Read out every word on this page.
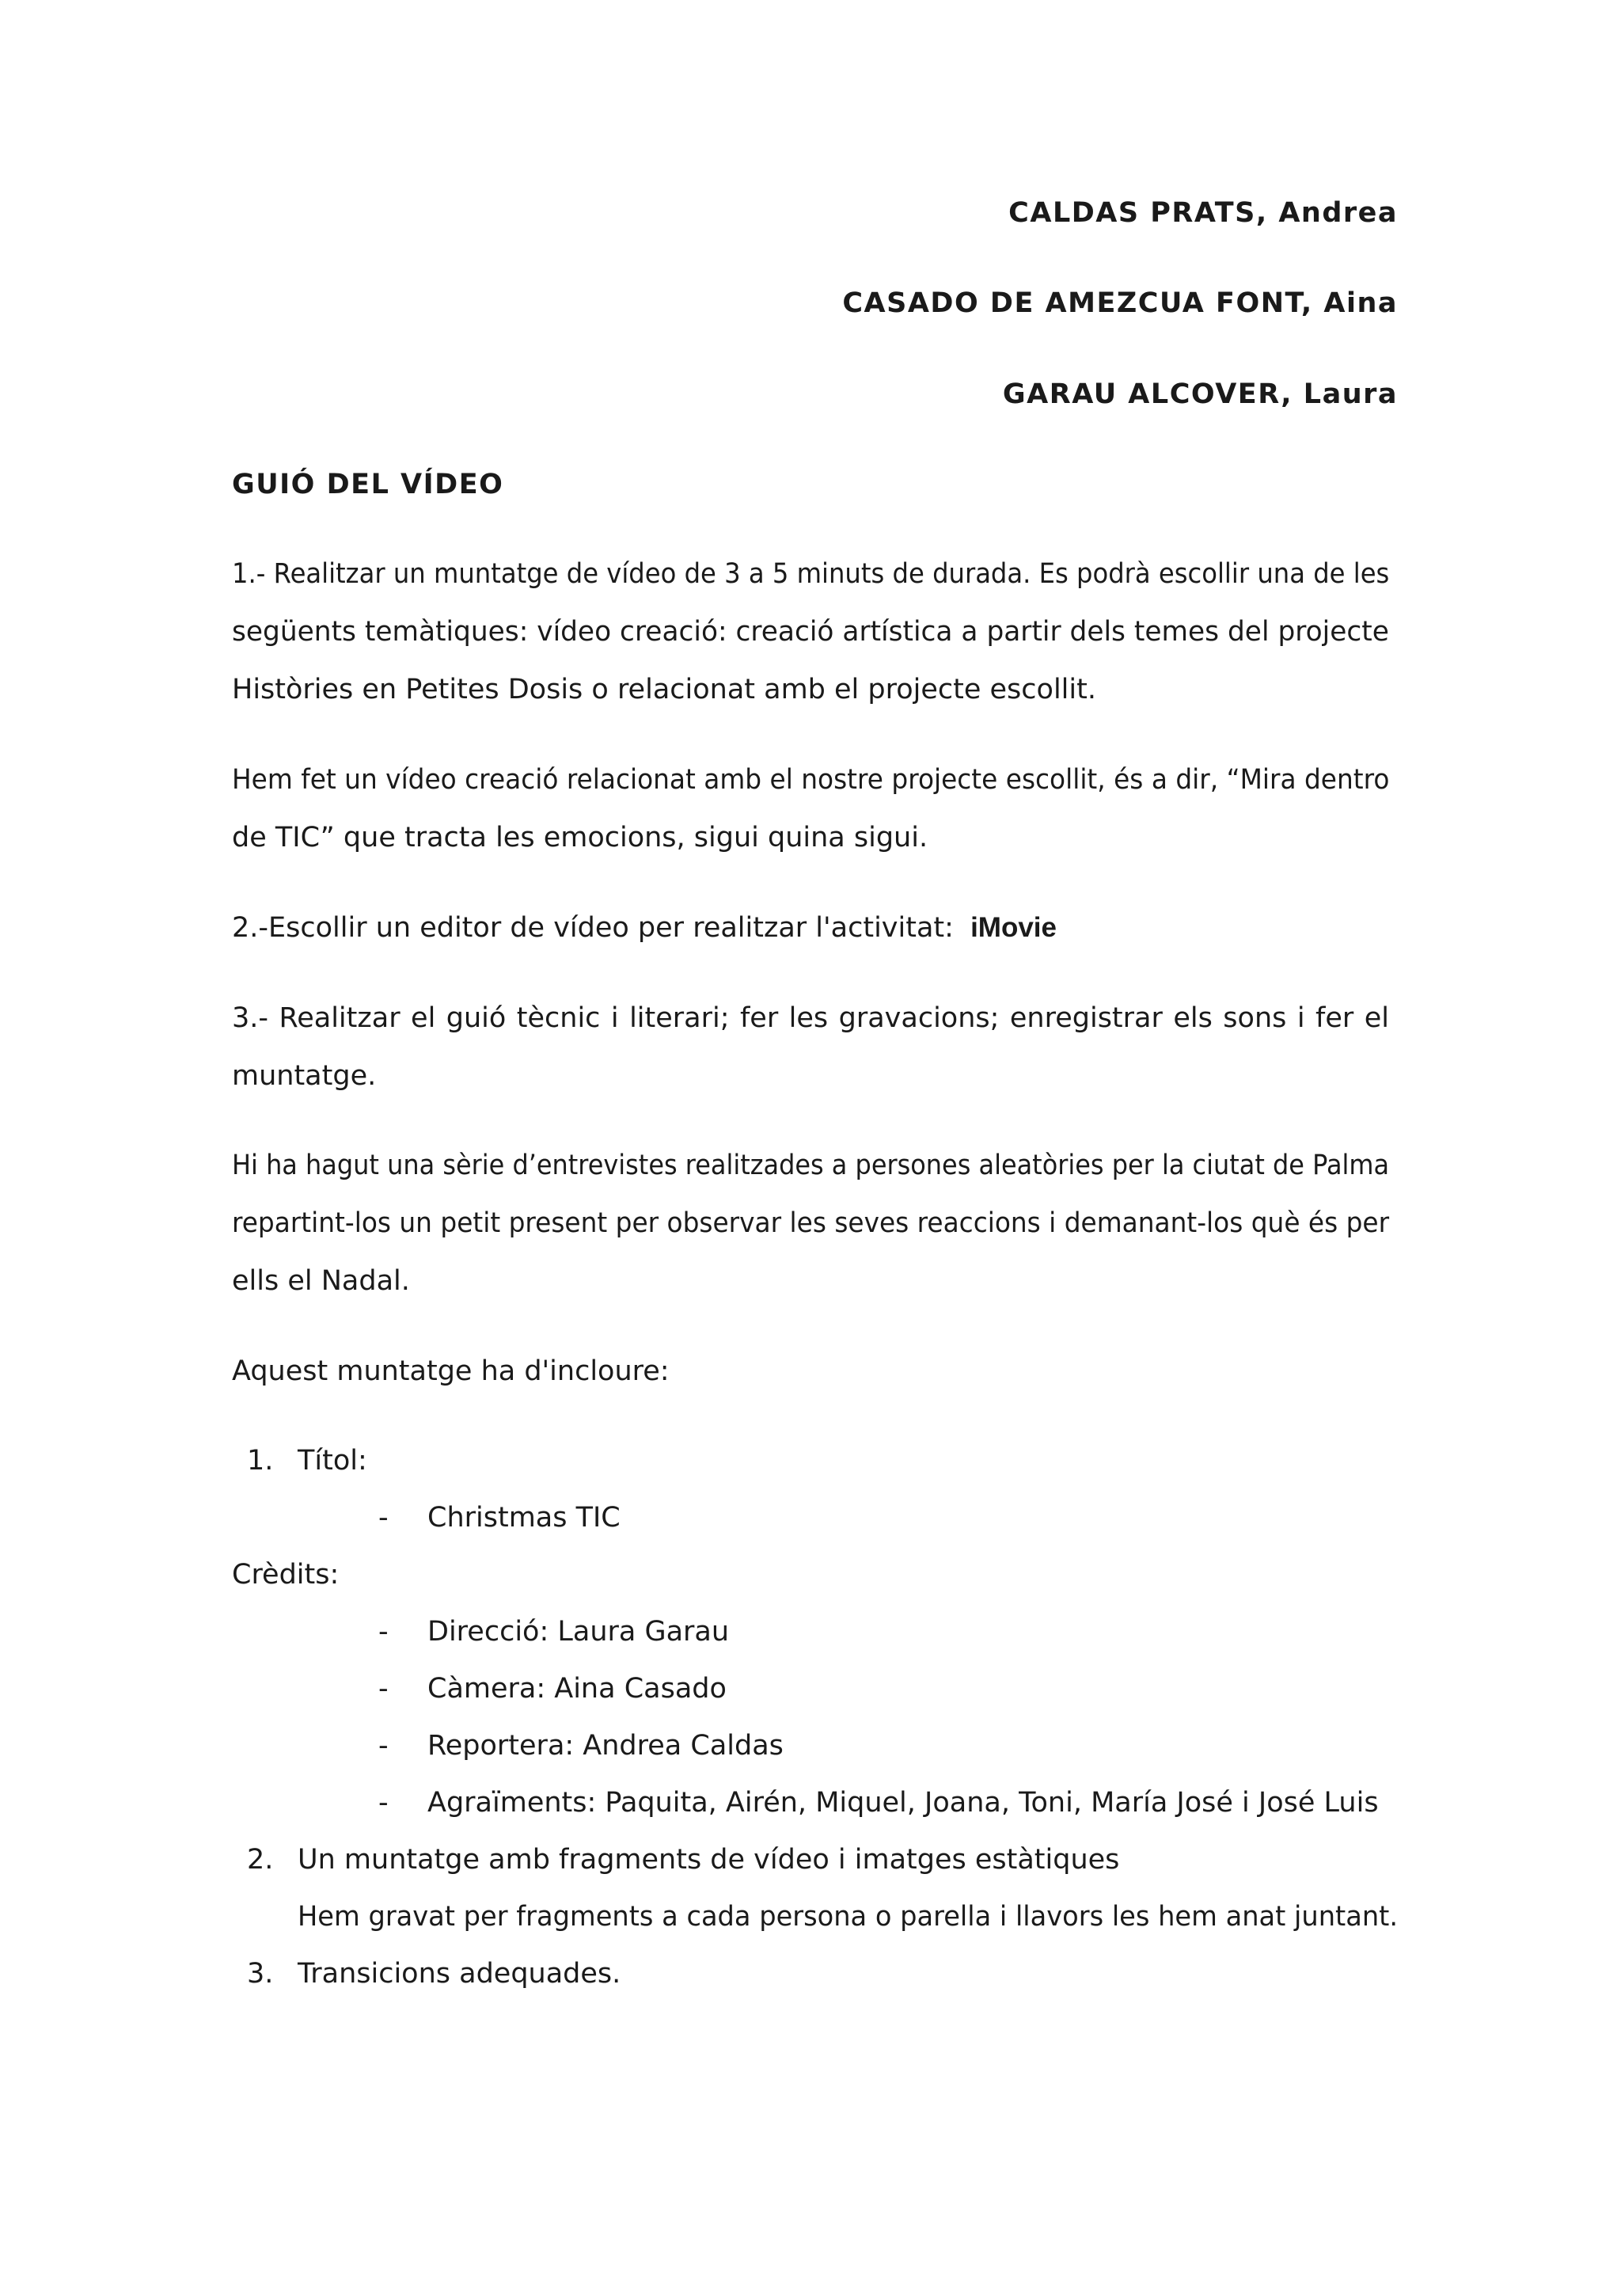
CALDAS PRATS, Andrea
CASADO DE AMEZCUA FONT, Aina
GARAU ALCOVER, Laura
GUIÓ DEL VÍDEO
1.- Realitzar un muntatge de vídeo de 3 a 5 minuts de durada. Es podrà escollir una de les
següents temàtiques: vídeo creació: creació artística a partir dels temes del projecte
Històries en Petites Dosis o relacionat amb el projecte escollit.
Hem fet un vídeo creació relacionat amb el nostre projecte escollit, és a dir, “Mira dentro
de TIC” que tracta les emocions, sigui quina sigui.
2.-Escollir un editor de vídeo per realitzar l'activitat: iMovie
3.- Realitzar el guió tècnic i literari; fer les gravacions; enregistrar els sons i fer el
muntatge.
Hi ha hagut una sèrie d’entrevistes realitzades a persones aleatòries per la ciutat de Palma
repartint-los un petit present per observar les seves reaccions i demanant-los què és per
ells el Nadal.
Aquest muntatge ha d'incloure:
1. Títol:
- Christmas TIC
Crèdits:
- Direcció: Laura Garau
- Càmera: Aina Casado
- Reportera: Andrea Caldas
- Agraïments: Paquita, Airén, Miquel, Joana, Toni, María José i José Luis
2. Un muntatge amb fragments de vídeo i imatges estàtiques
Hem gravat per fragments a cada persona o parella i llavors les hem anat juntant.
3. Transicions adequades.
